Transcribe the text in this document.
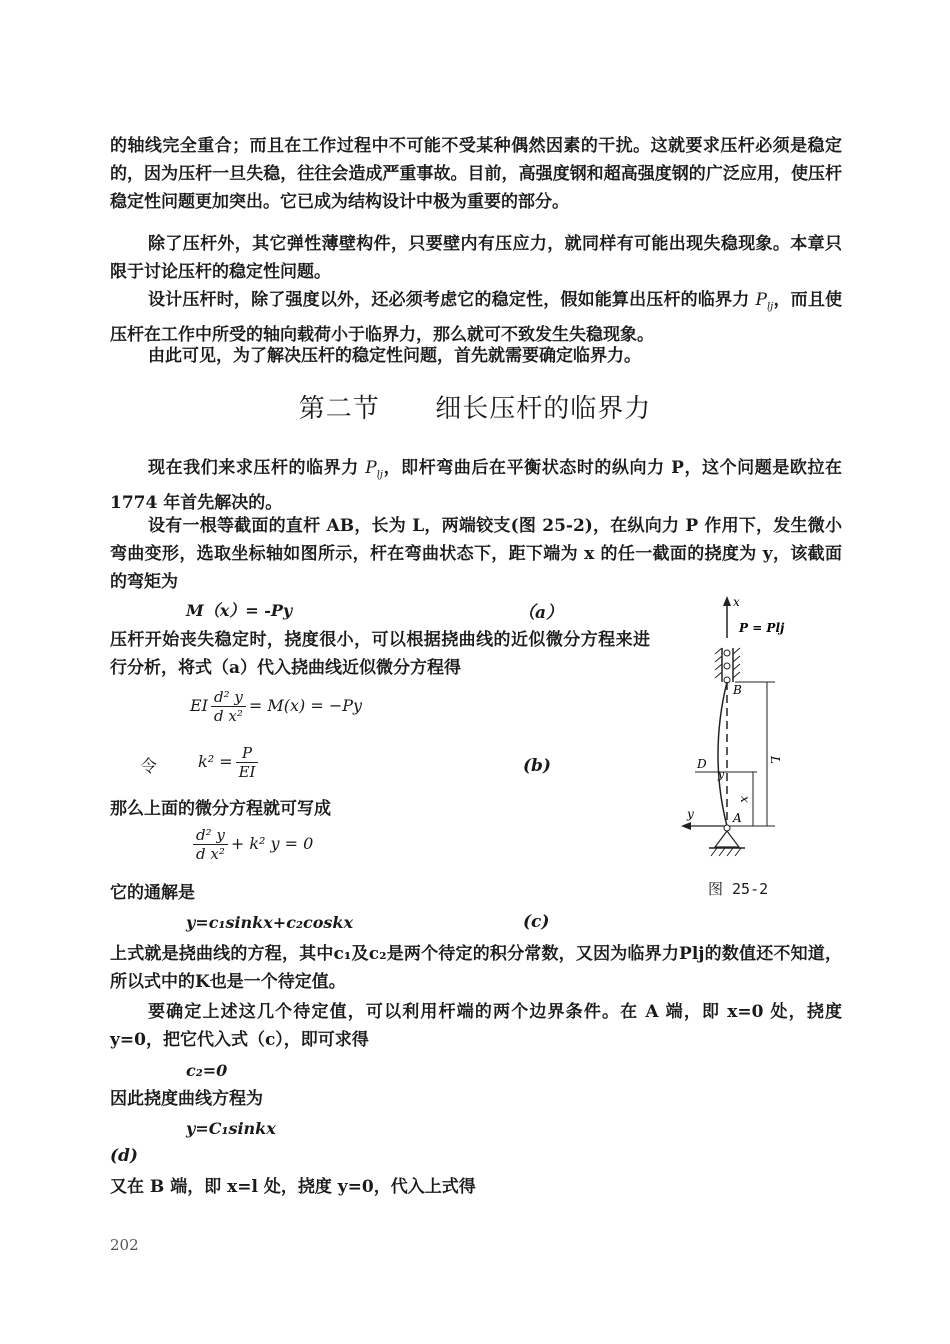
的轴线完全重合；而且在工作过程中不可能不受某种偶然因素的干扰。这就要求压杆必须是稳定的，因为压杆一旦失稳，往往会造成严重事故。目前，高强度钢和超高强度钢的广泛应用，使压杆稳定性问题更加突出。它已成为结构设计中极为重要的部分。

除了压杆外，其它弹性薄壁构件，只要壁内有压应力，就同样有可能出现失稳现象。本章只限于讨论压杆的稳定性问题。

设计压杆时，除了强度以外，还必须考虑它的稳定性，假如能算出压杆的临界力 $P_{lj}$，而且使压杆在工作中所受的轴向载荷小于临界力，那么就可不致发生失稳现象。

由此可见，为了解决压杆的稳定性问题，首先就需要确定临界力。

第二节      细长压杆的临界力

现在我们来求压杆的临界力 $P_{lj}$，即杆弯曲后在平衡状态时的纵向力 P，这个问题是欧拉在 1774 年首先解决的。

设有一根等截面的直杆 AB，长为 L，两端铰支(图 25-2)，在纵向力 P 作用下，发生微小弯曲变形，选取坐标轴如图所示，杆在弯曲状态下，距下端为 x 的任一截面的挠度为 y，该截面的弯矩为

M（x）= -Py	（a）

压杆开始丧失稳定时，挠度很小，可以根据挠曲线的近似微分方程来进行分析，将式（a）代入挠曲线近似微分方程得

EI $\frac{\text{d² y}}{\text{d x²}} = M(x) = -Py$
令	$k^2 = \frac{P}{EI}$	(b)
那么上面的微分方程就可写成
$\frac{\text{d² y}}{\text{d x²}} + k^2$ y = 0
它的通解是
y=c₁sinkx+c₂coskx	(c)

上式就是挠曲线的方程，其中c₁及c₂是两个待定的积分常数，又因为临界力Plj的数值还不知道，所以式中的K也是一个待定值。

要确定上述这几个待定值，可以利用杆端的两个边界条件。在 A 端，即 x=0 处，挠度 y=0，把它代入式（c），即可求得

c₂=0
因此挠度曲线方程为
y=C₁sinkx
(d)
又在 B 端，即 x=l 处，挠度 y=0，代入上式得
x
P = Plj
B
L
D
y
x
y	A
图 25-2
202
